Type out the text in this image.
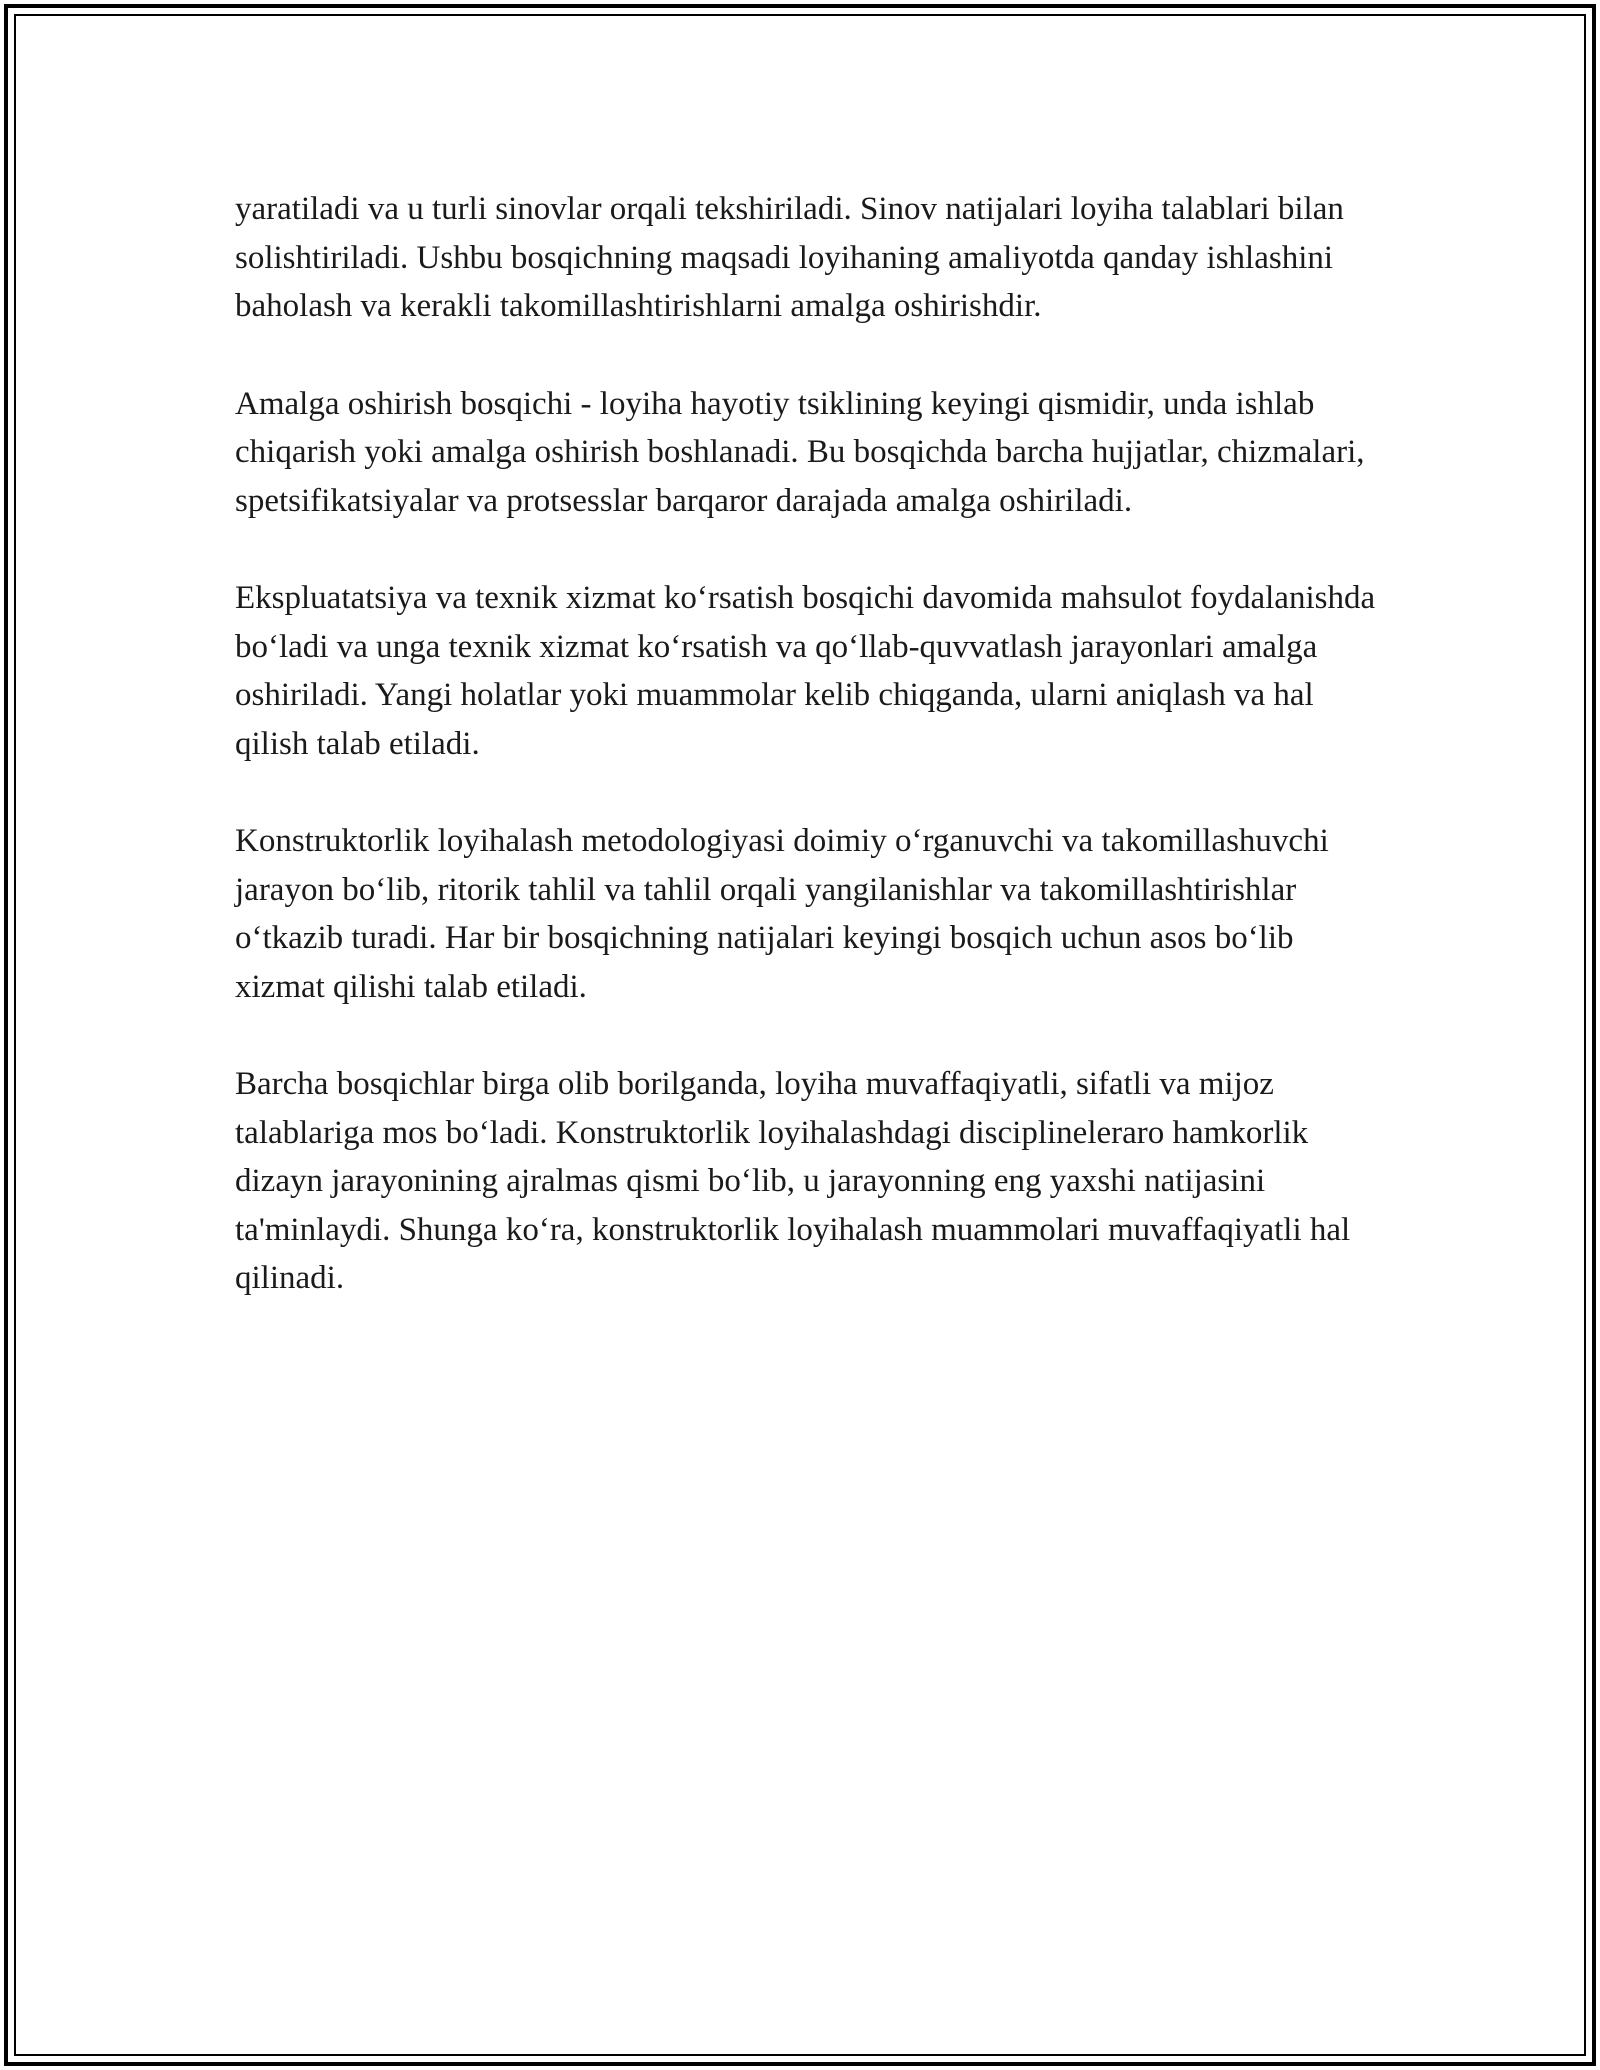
yaratiladi va u turli sinovlar orqali tekshiriladi. Sinov natijalari loyiha talablari bilan solishtiriladi. Ushbu bosqichning maqsadi loyihaning amaliyotda qanday ishlashini baholash va kerakli takomillashtirishlarni amalga oshirishdir.

Amalga oshirish bosqichi - loyiha hayotiy tsiklining keyingi qismidir, unda ishlab chiqarish yoki amalga oshirish boshlanadi. Bu bosqichda barcha hujjatlar, chizmalari, spetsifikatsiyalar va protsesslar barqaror darajada amalga oshiriladi.

Ekspluatatsiya va texnik xizmat ko‘rsatish bosqichi davomida mahsulot foydalanishda bo‘ladi va unga texnik xizmat ko‘rsatish va qo‘llab-quvvatlash jarayonlari amalga oshiriladi. Yangi holatlar yoki muammolar kelib chiqganda, ularni aniqlash va hal qilish talab etiladi.

Konstruktorlik loyihalash metodologiyasi doimiy o‘rganuvchi va takomillashuvchi jarayon bo‘lib, ritorik tahlil va tahlil orqali yangilanishlar va takomillashtirishlar o‘tkazib turadi. Har bir bosqichning natijalari keyingi bosqich uchun asos bo‘lib xizmat qilishi talab etiladi.

Barcha bosqichlar birga olib borilganda, loyiha muvaffaqiyatli, sifatli va mijoz talablariga mos bo‘ladi. Konstruktorlik loyihalashdagi disciplineleraro hamkorlik dizayn jarayonining ajralmas qismi bo‘lib, u jarayonning eng yaxshi natijasini ta'minlaydi. Shunga ko‘ra, konstruktorlik loyihalash muammolari muvaffaqiyatli hal qilinadi.
